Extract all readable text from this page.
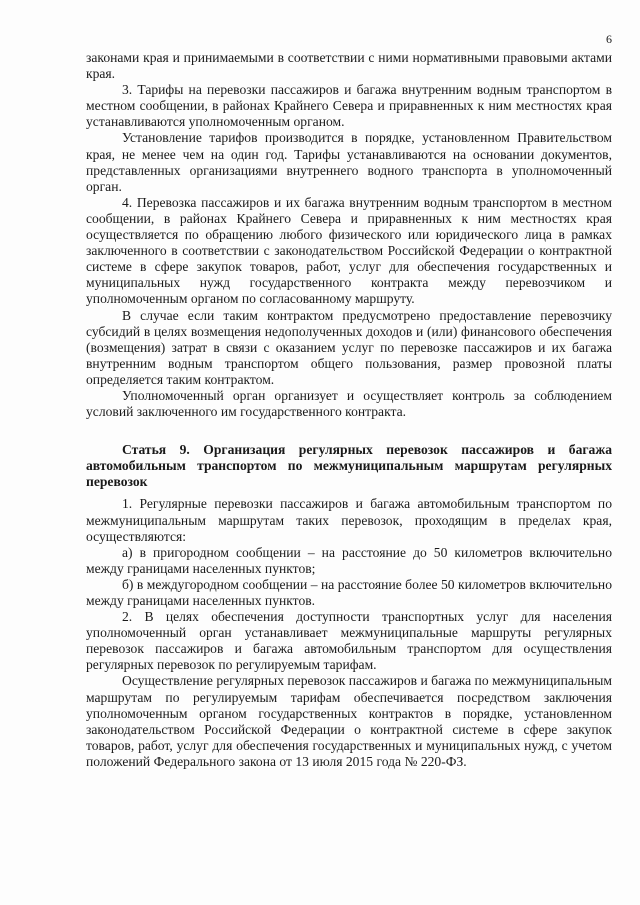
6

законами края и принимаемыми в соответствии с ними нормативными правовыми актами края.

3. Тарифы на перевозки пассажиров и багажа внутренним водным транспортом в местном сообщении, в районах Крайнего Севера и приравненных к ним местностях края устанавливаются уполномоченным органом.

Установление тарифов производится в порядке, установленном Правительством края, не менее чем на один год. Тарифы устанавливаются на основании документов, представленных организациями внутреннего водного транспорта в уполномоченный орган.

4. Перевозка пассажиров и их багажа внутренним водным транспортом в местном сообщении, в районах Крайнего Севера и приравненных к ним местностях края осуществляется по обращению любого физического или юридического лица в рамках заключенного в соответствии с законодательством Российской Федерации о контрактной системе в сфере закупок товаров, работ, услуг для обеспечения государственных и муниципальных нужд государственного контракта между перевозчиком и уполномоченным органом по согласованному маршруту.

В случае если таким контрактом предусмотрено предоставление перевозчику субсидий в целях возмещения недополученных доходов и (или) финансового обеспечения (возмещения) затрат в связи с оказанием услуг по перевозке пассажиров и их багажа внутренним водным транспортом общего пользования, размер провозной платы определяется таким контрактом.

Уполномоченный орган организует и осуществляет контроль за соблюдением условий заключенного им государственного контракта.

Статья 9. Организация регулярных перевозок пассажиров и багажа автомобильным транспортом по межмуниципальным маршрутам регулярных перевозок

1. Регулярные перевозки пассажиров и багажа автомобильным транспортом по межмуниципальным маршрутам таких перевозок, проходящим в пределах края, осуществляются:

а) в пригородном сообщении – на расстояние до 50 километров включительно между границами населенных пунктов;

б) в междугородном сообщении – на расстояние более 50 километров включительно между границами населенных пунктов.

2. В целях обеспечения доступности транспортных услуг для населения уполномоченный орган устанавливает межмуниципальные маршруты регулярных перевозок пассажиров и багажа автомобильным транспортом для осуществления регулярных перевозок по регулируемым тарифам.

Осуществление регулярных перевозок пассажиров и багажа по межмуниципальным маршрутам по регулируемым тарифам обеспечивается посредством заключения уполномоченным органом государственных контрактов в порядке, установленном законодательством Российской Федерации о контрактной системе в сфере закупок товаров, работ, услуг для обеспечения государственных и муниципальных нужд, с учетом положений Федерального закона от 13 июля 2015 года № 220-ФЗ.
